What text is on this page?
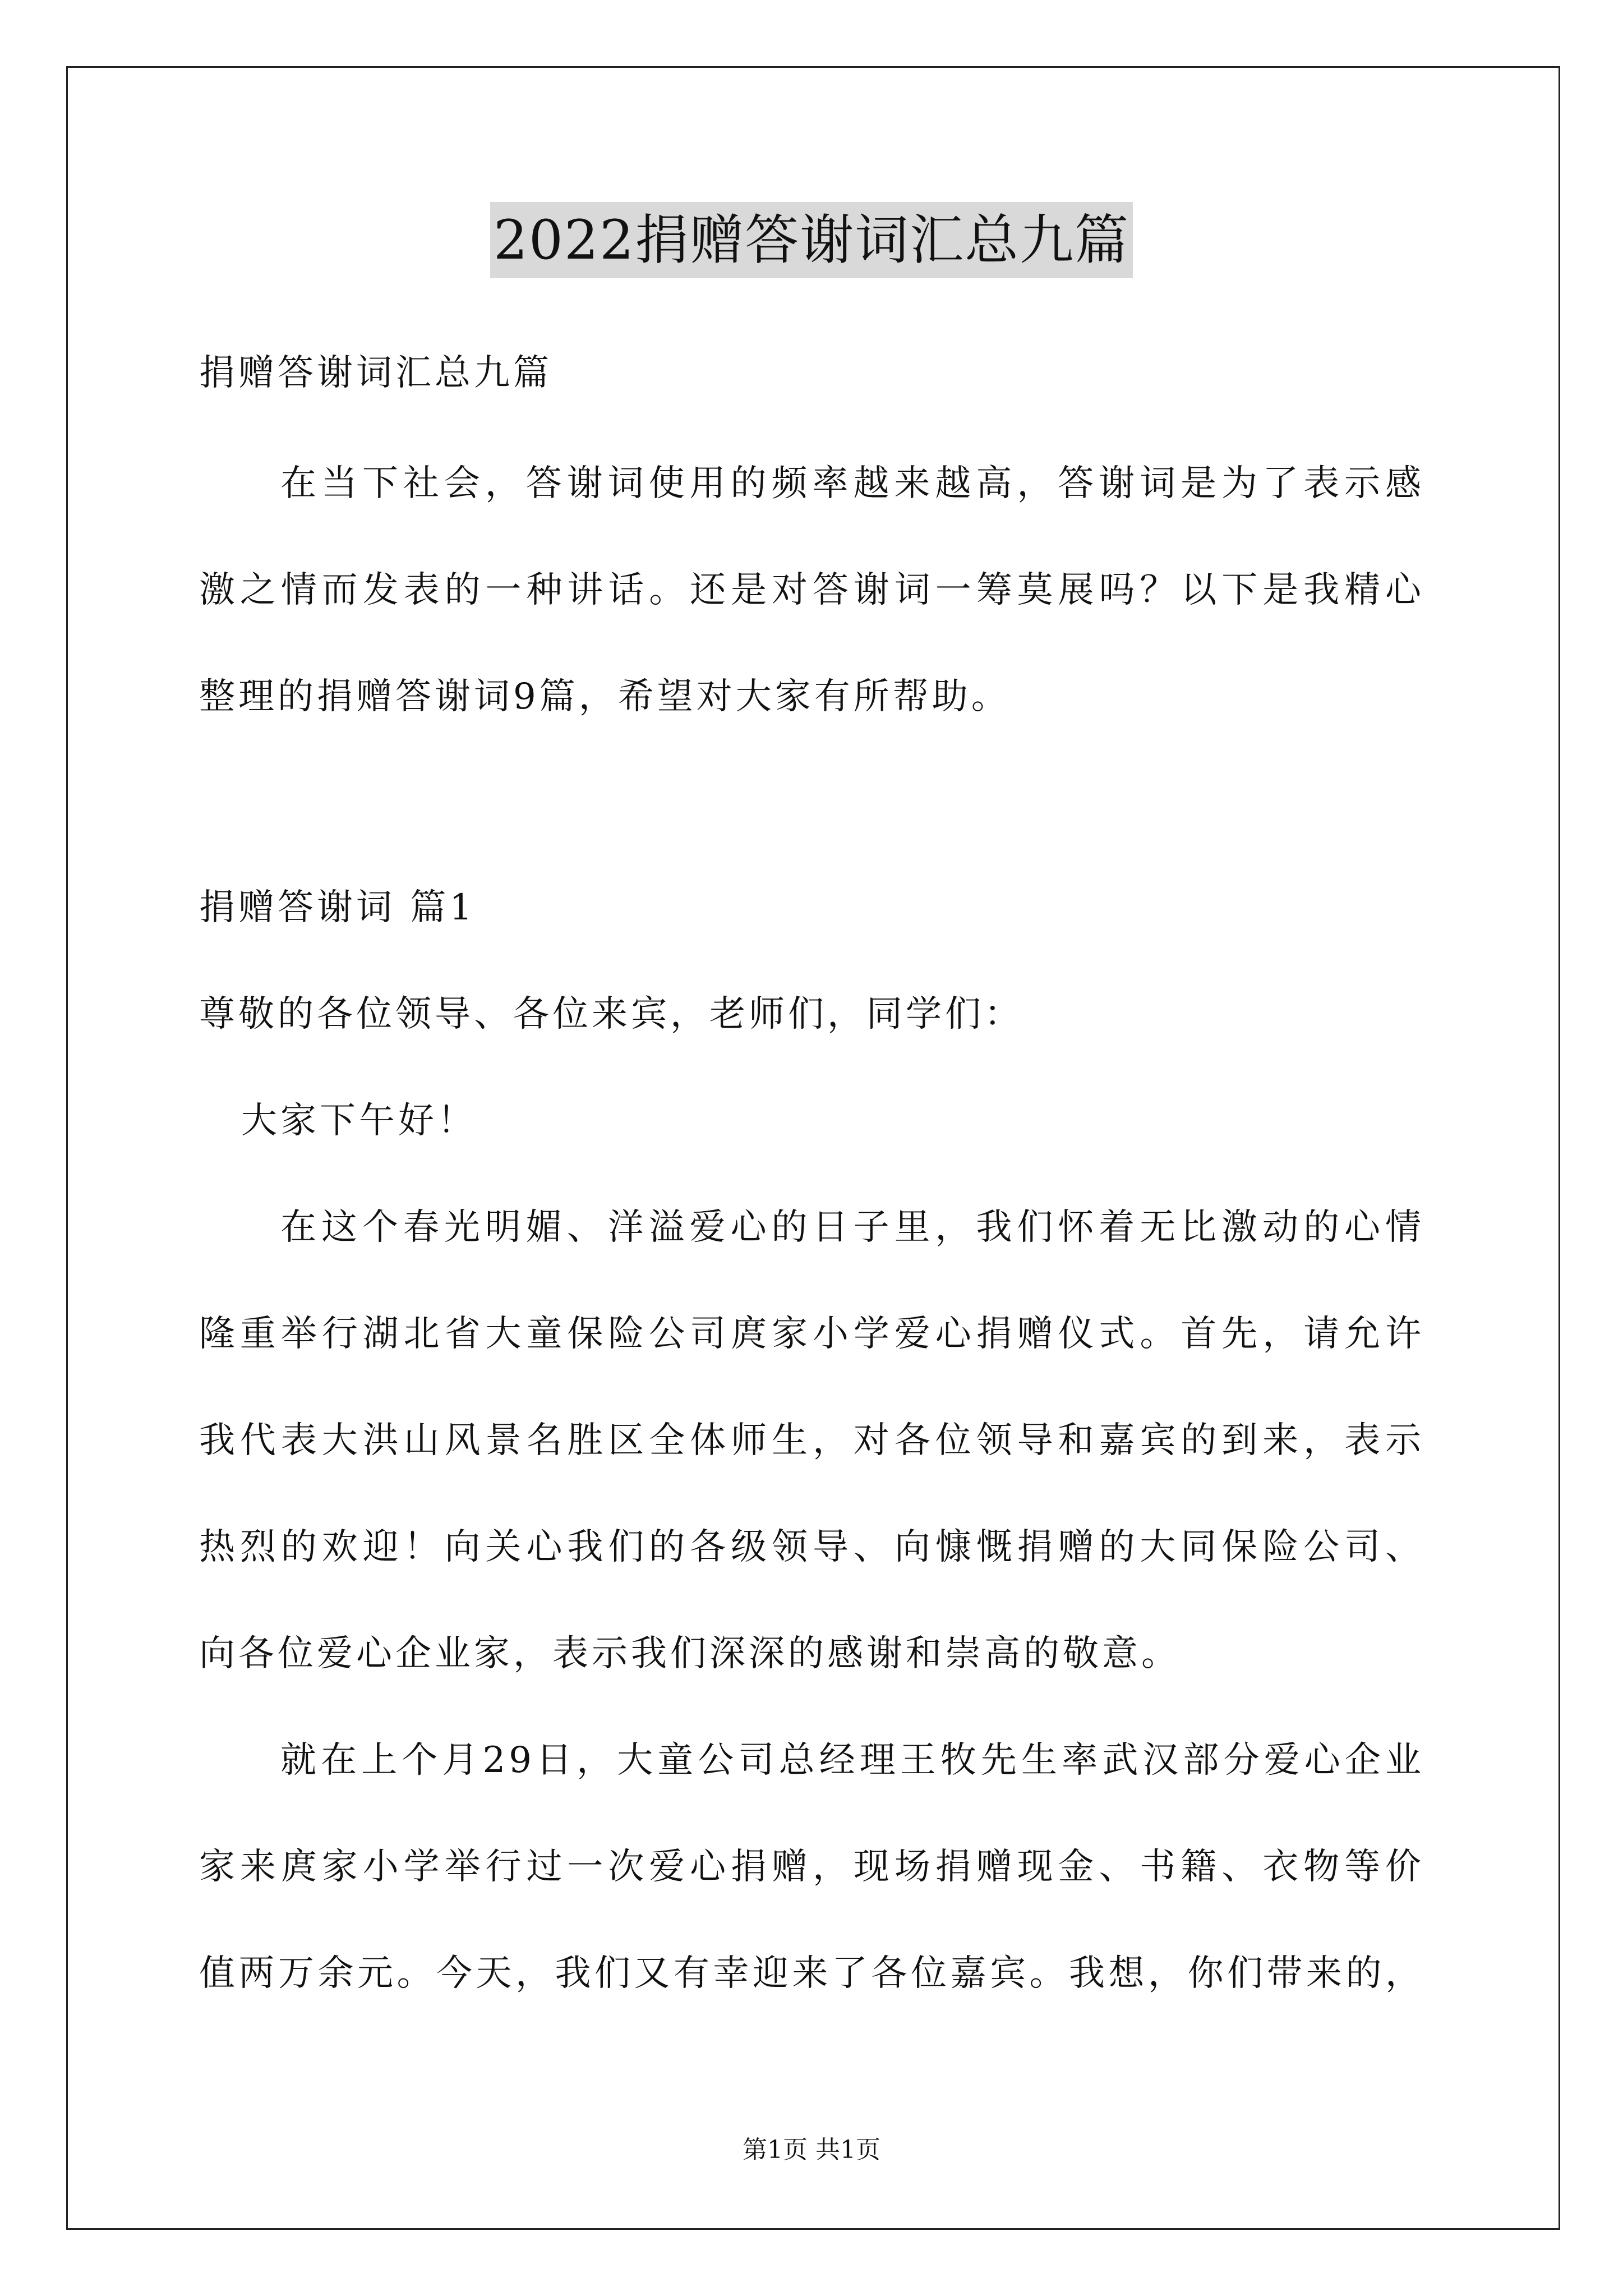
2022捐赠答谢词汇总九篇
捐赠答谢词汇总九篇
在当下社会，答谢词使用的频率越来越高，答谢词是为了表示感
激之情而发表的一种讲话。还是对答谢词一筹莫展吗？以下是我精心
整理的捐赠答谢词9篇，希望对大家有所帮助。
捐赠答谢词 篇1
尊敬的各位领导、各位来宾，老师们，同学们：
大家下午好！
在这个春光明媚、洋溢爱心的日子里，我们怀着无比激动的心情
隆重举行湖北省大童保险公司庹家小学爱心捐赠仪式。首先，请允许
我代表大洪山风景名胜区全体师生，对各位领导和嘉宾的到来，表示
热烈的欢迎！向关心我们的各级领导、向慷慨捐赠的大同保险公司、
向各位爱心企业家，表示我们深深的感谢和崇高的敬意。
就在上个月29日，大童公司总经理王牧先生率武汉部分爱心企业
家来庹家小学举行过一次爱心捐赠，现场捐赠现金、书籍、衣物等价
值两万余元。今天，我们又有幸迎来了各位嘉宾。我想，你们带来的，
第1页 共1页
